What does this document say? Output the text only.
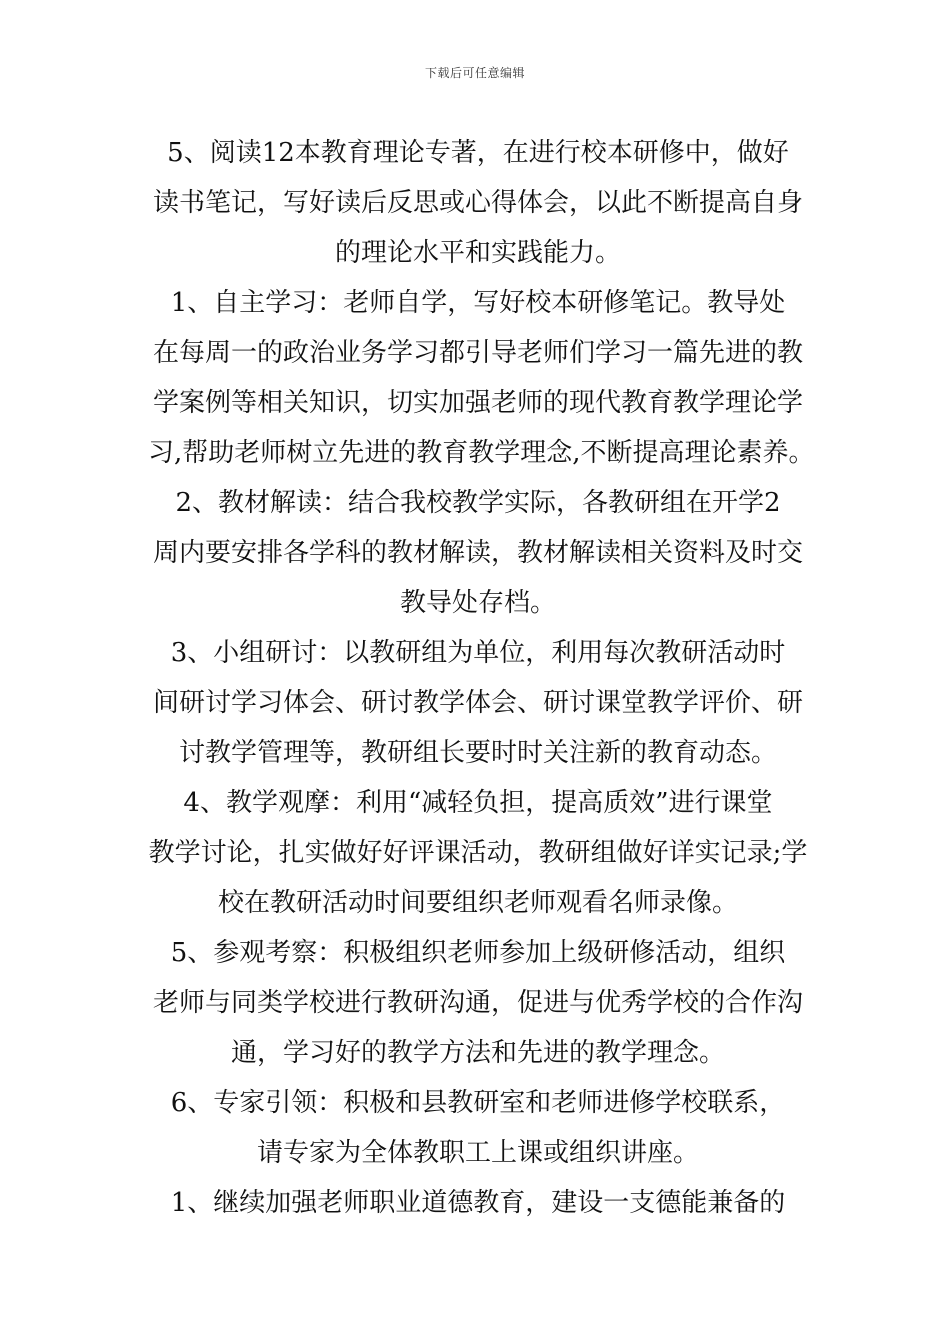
下载后可任意编辑

5、阅读12本教育理论专著，在进行校本研修中，做好
读书笔记，写好读后反思或心得体会，以此不断提高自身
的理论水平和实践能力。

1、自主学习：老师自学，写好校本研修笔记。教导处
在每周一的政治业务学习都引导老师们学习一篇先进的教
学案例等相关知识，切实加强老师的现代教育教学理论学
习,帮助老师树立先进的教育教学理念,不断提高理论素养。

2、教材解读：结合我校教学实际，各教研组在开学2
周内要安排各学科的教材解读，教材解读相关资料及时交
教导处存档。

3、小组研讨：以教研组为单位，利用每次教研活动时
间研讨学习体会、研讨教学体会、研讨课堂教学评价、研
讨教学管理等，教研组长要时时关注新的教育动态。

4、教学观摩：利用“减轻负担，提高质效”进行课堂
教学讨论，扎实做好好评课活动，教研组做好详实记录;学
校在教研活动时间要组织老师观看名师录像。

5、参观考察：积极组织老师参加上级研修活动，组织
老师与同类学校进行教研沟通，促进与优秀学校的合作沟
通，学习好的教学方法和先进的教学理念。

6、专家引领：积极和县教研室和老师进修学校联系，
请专家为全体教职工上课或组织讲座。

1、继续加强老师职业道德教育，建设一支德能兼备的
